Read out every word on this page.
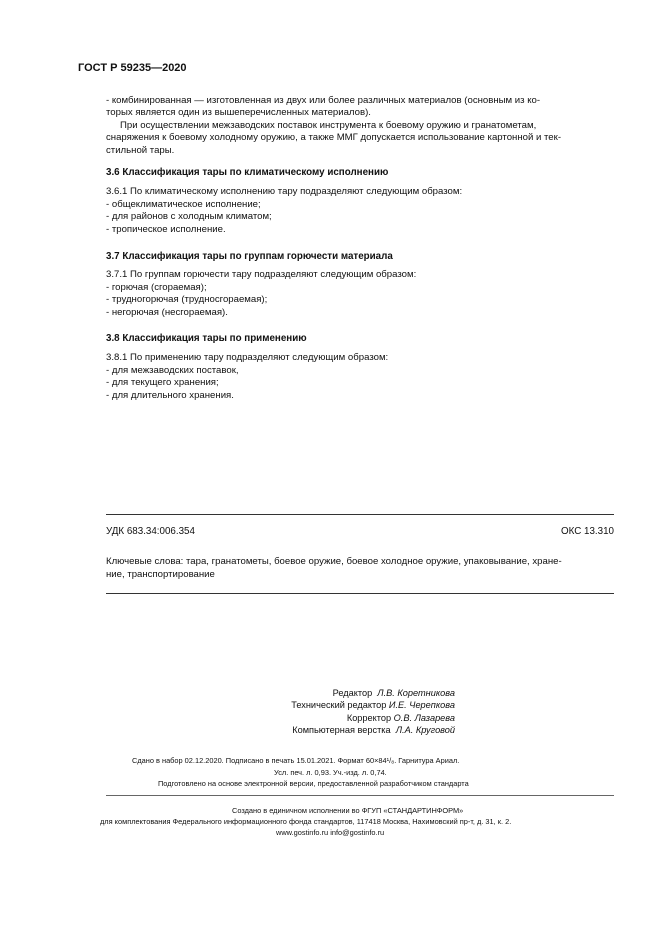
ГОСТ Р 59235—2020
- комбинированная — изготовленная из двух или более различных материалов (основным из ко-
торых является один из вышеперечисленных материалов).
При осуществлении межзаводских поставок инструмента к боевому оружию и гранатометам,
снаряжения к боевому холодному оружию, а также ММГ допускается использование картонной и тек-
стильной тары.
3.6 Классификация тары по климатическому исполнению
3.6.1 По климатическому исполнению тару подразделяют следующим образом:
- общеклиматическое исполнение;
- для районов с холодным климатом;
- тропическое исполнение.
3.7 Классификация тары по группам горючести материала
3.7.1 По группам горючести тару подразделяют следующим образом:
- горючая (сгораемая);
- трудногорючая (трудносгораемая);
- негорючая (несгораемая).
3.8 Классификация тары по применению
3.8.1 По применению тару подразделяют следующим образом:
- для межзаводских поставок,
- для текущего хранения;
- для длительного хранения.
УДК 683.34:006.354	ОКС 13.310
Ключевые слова: тара, гранатометы, боевое оружие, боевое холодное оружие, упаковывание, хране-
ние, транспортирование
Редактор Л.В. Коретникова
Технический редактор И.Е. Черепкова
Корректор О.В. Лазарева
Компьютерная верстка Л.А. Круговой
Сдано в набор 02.12.2020. Подписано в печать 15.01.2021. Формат 60×84¹/₈. Гарнитура Ариал.
Усл. печ. л. 0,93. Уч.-изд. л. 0,74.
Подготовлено на основе электронной версии, предоставленной разработчиком стандарта
Создано в единичном исполнении во ФГУП «СТАНДАРТИНФОРМ»
для комплектования Федерального информационного фонда стандартов, 117418 Москва, Нахимовский пр-т, д. 31, к. 2.
www.gostinfo.ru info@gostinfo.ru
